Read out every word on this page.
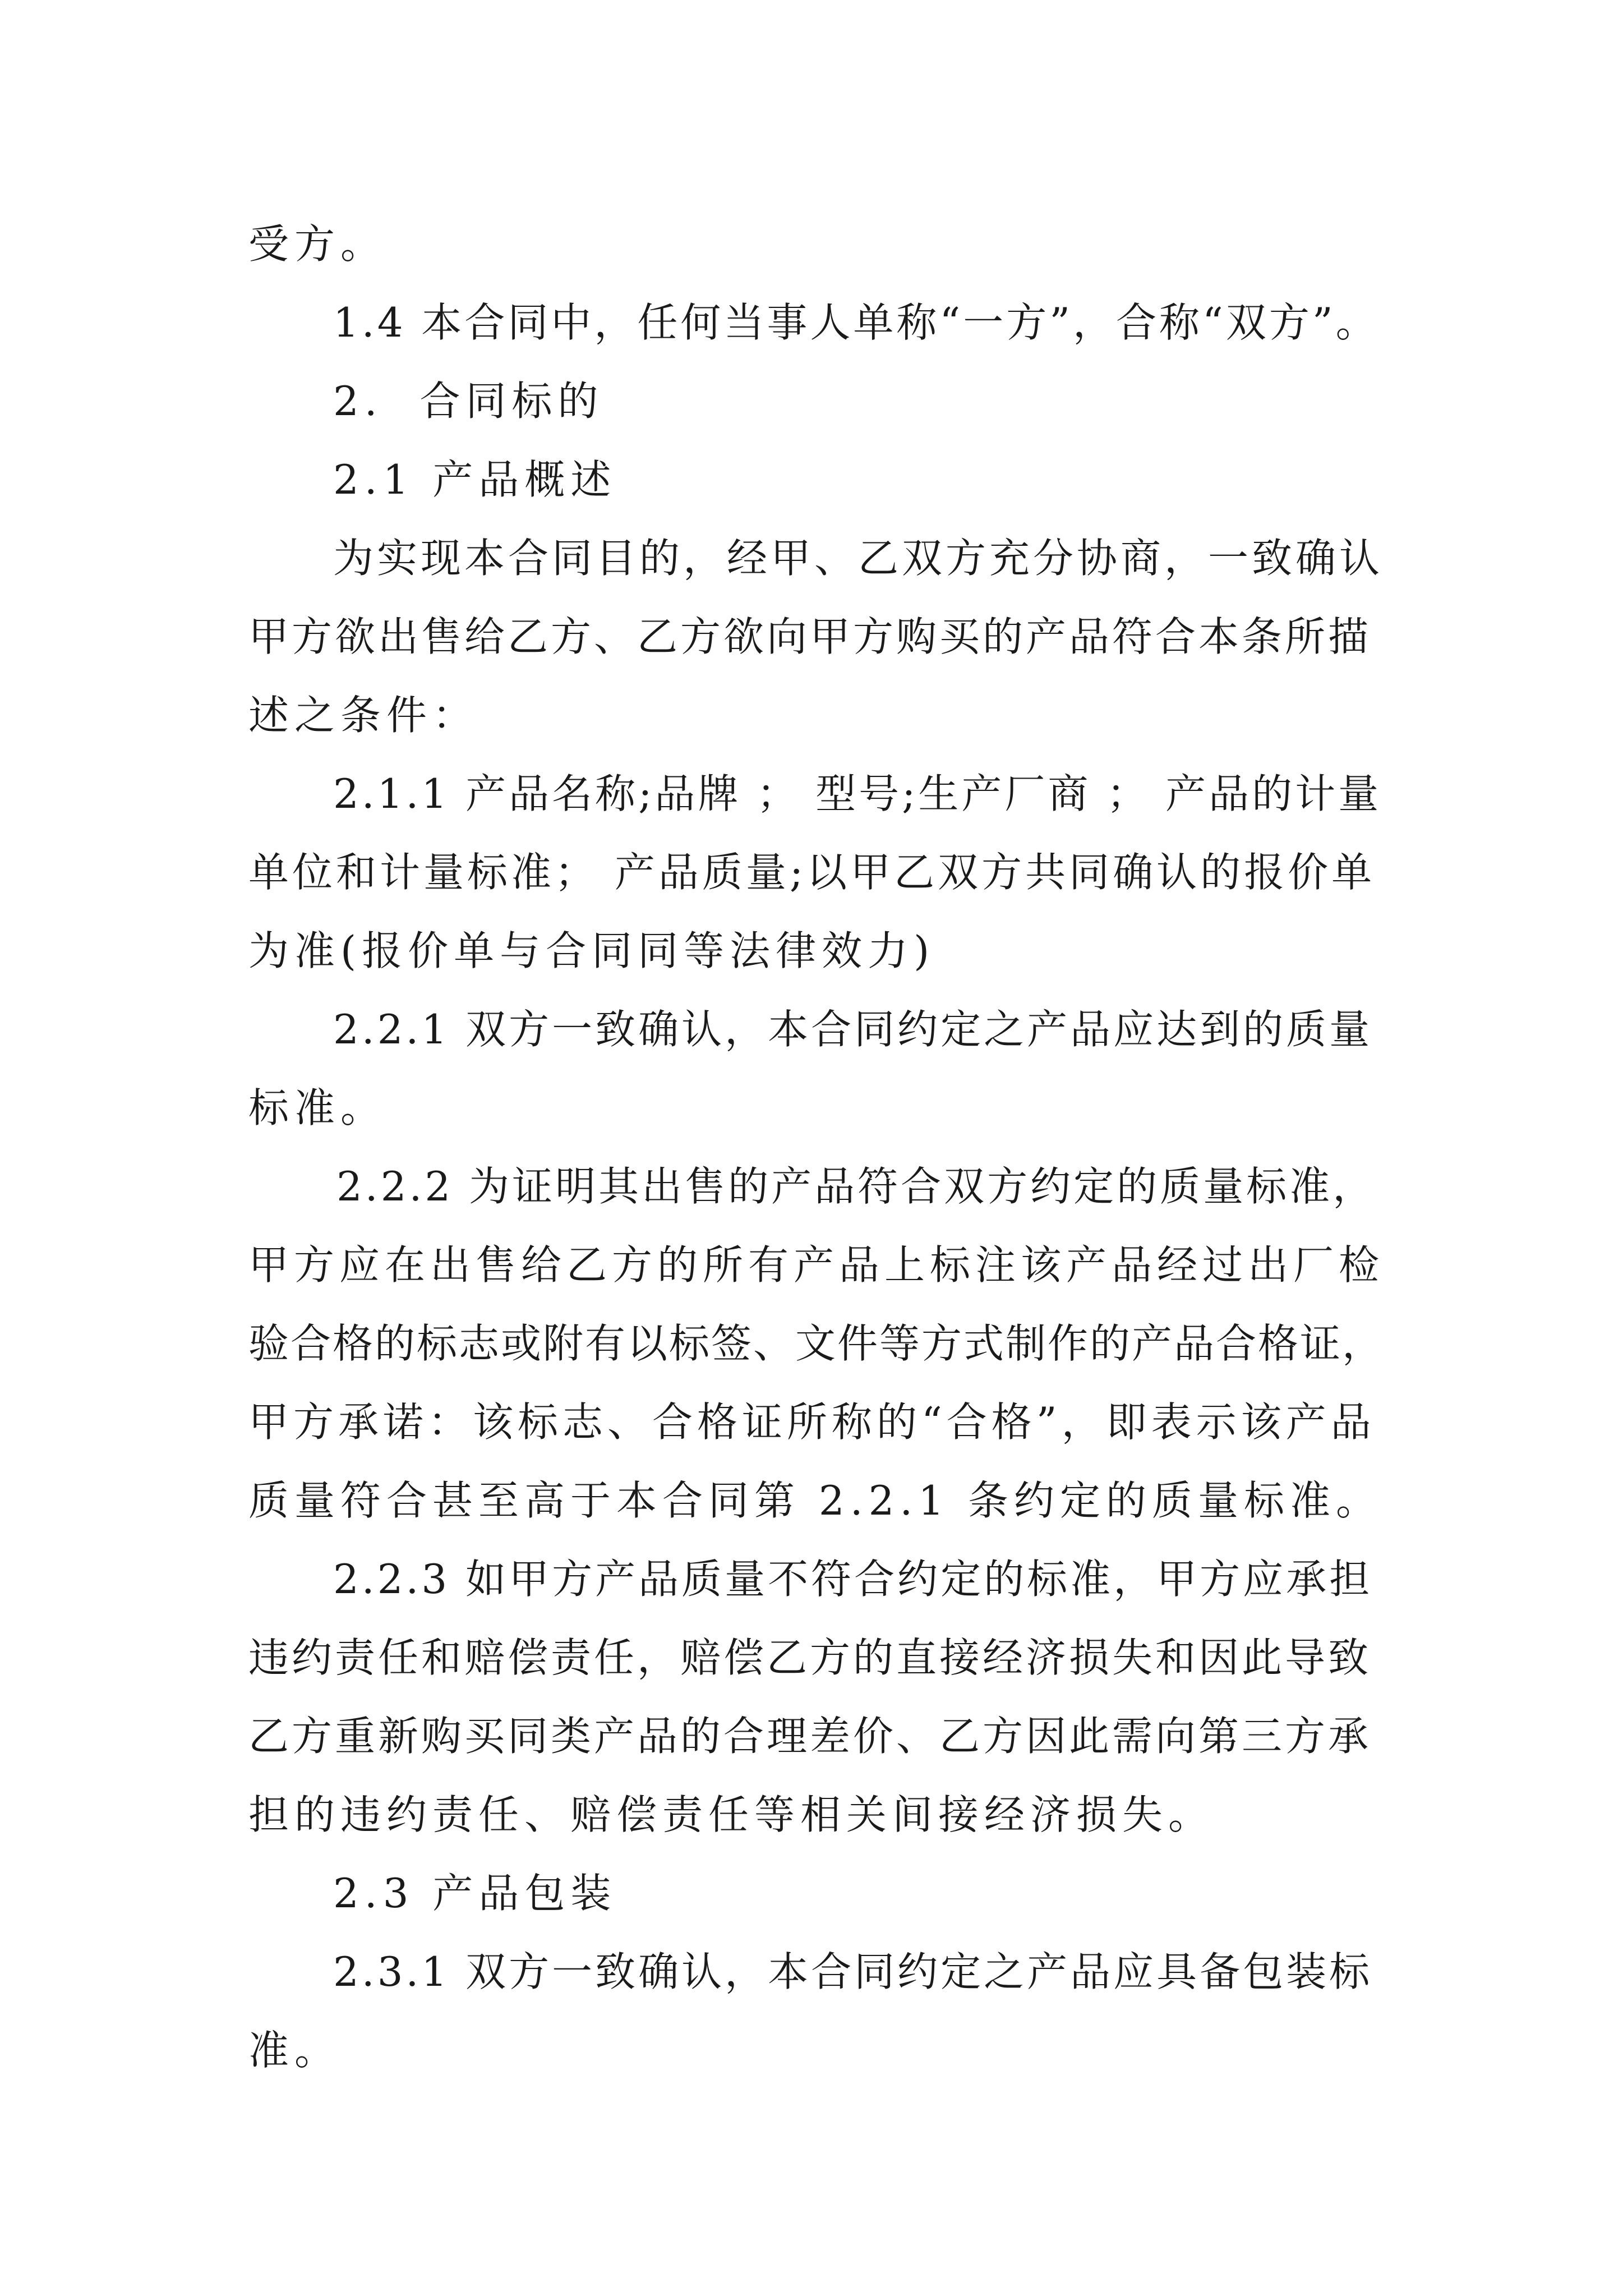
受方。

1.4 本合同中，任何当事人单称“一方”，合称“双方”。

2.  合同标的

2.1 产品概述

为实现本合同目的，经甲、乙双方充分协商，一致确认

甲方欲出售给乙方、乙方欲向甲方购买的产品符合本条所描

述之条件：

2.1.1 产品名称;品牌 ； 型号;生产厂商 ； 产品的计量

单位和计量标准； 产品质量;以甲乙双方共同确认的报价单

为准(报价单与合同同等法律效力)

2.2.1 双方一致确认，本合同约定之产品应达到的质量

标准。

2.2.2 为证明其出售的产品符合双方约定的质量标准，

甲方应在出售给乙方的所有产品上标注该产品经过出厂检

验合格的标志或附有以标签、文件等方式制作的产品合格证，

甲方承诺：该标志、合格证所称的“合格”，即表示该产品

质量符合甚至高于本合同第 2.2.1 条约定的质量标准。

2.2.3 如甲方产品质量不符合约定的标准，甲方应承担

违约责任和赔偿责任，赔偿乙方的直接经济损失和因此导致

乙方重新购买同类产品的合理差价、乙方因此需向第三方承

担的违约责任、赔偿责任等相关间接经济损失。

2.3 产品包装

2.3.1 双方一致确认，本合同约定之产品应具备包装标

准。
